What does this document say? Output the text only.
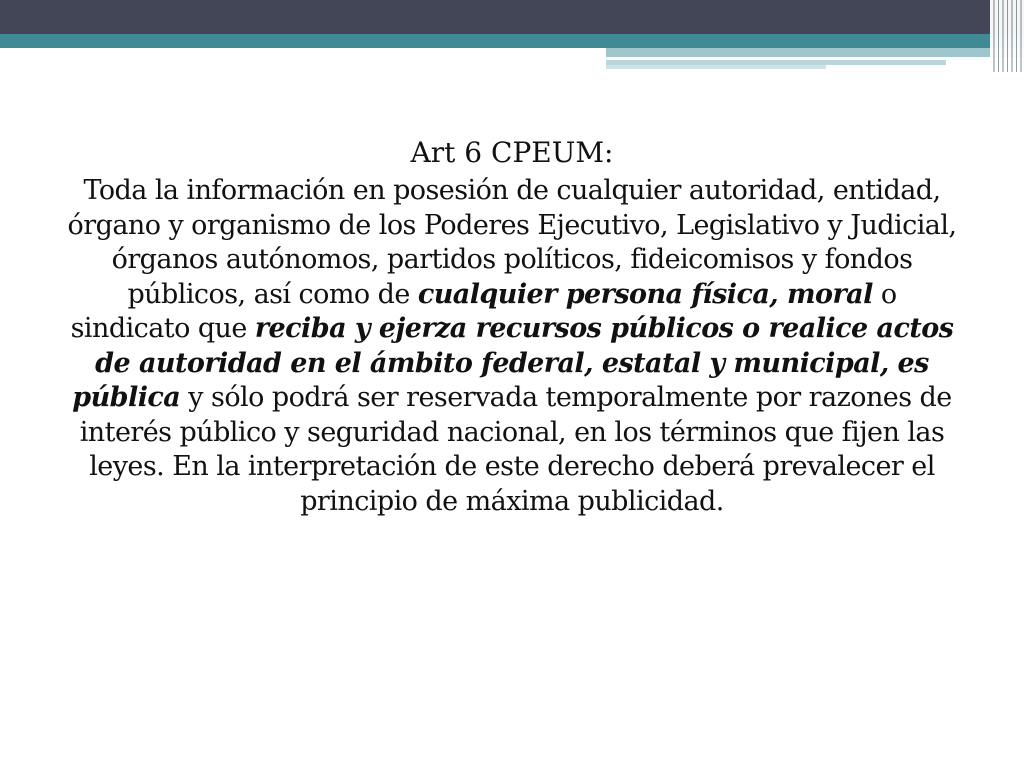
Art 6 CPEUM:

Toda la información en posesión de cualquier autoridad, entidad, órgano y organismo de los Poderes Ejecutivo, Legislativo y Judicial, órganos autónomos, partidos políticos, fideicomisos y fondos públicos, así como de cualquier persona física, moral o sindicato que reciba y ejerza recursos públicos o realice actos de autoridad en el ámbito federal, estatal y municipal, es pública y sólo podrá ser reservada temporalmente por razones de interés público y seguridad nacional, en los términos que fijen las leyes. En la interpretación de este derecho deberá prevalecer el principio de máxima publicidad.
